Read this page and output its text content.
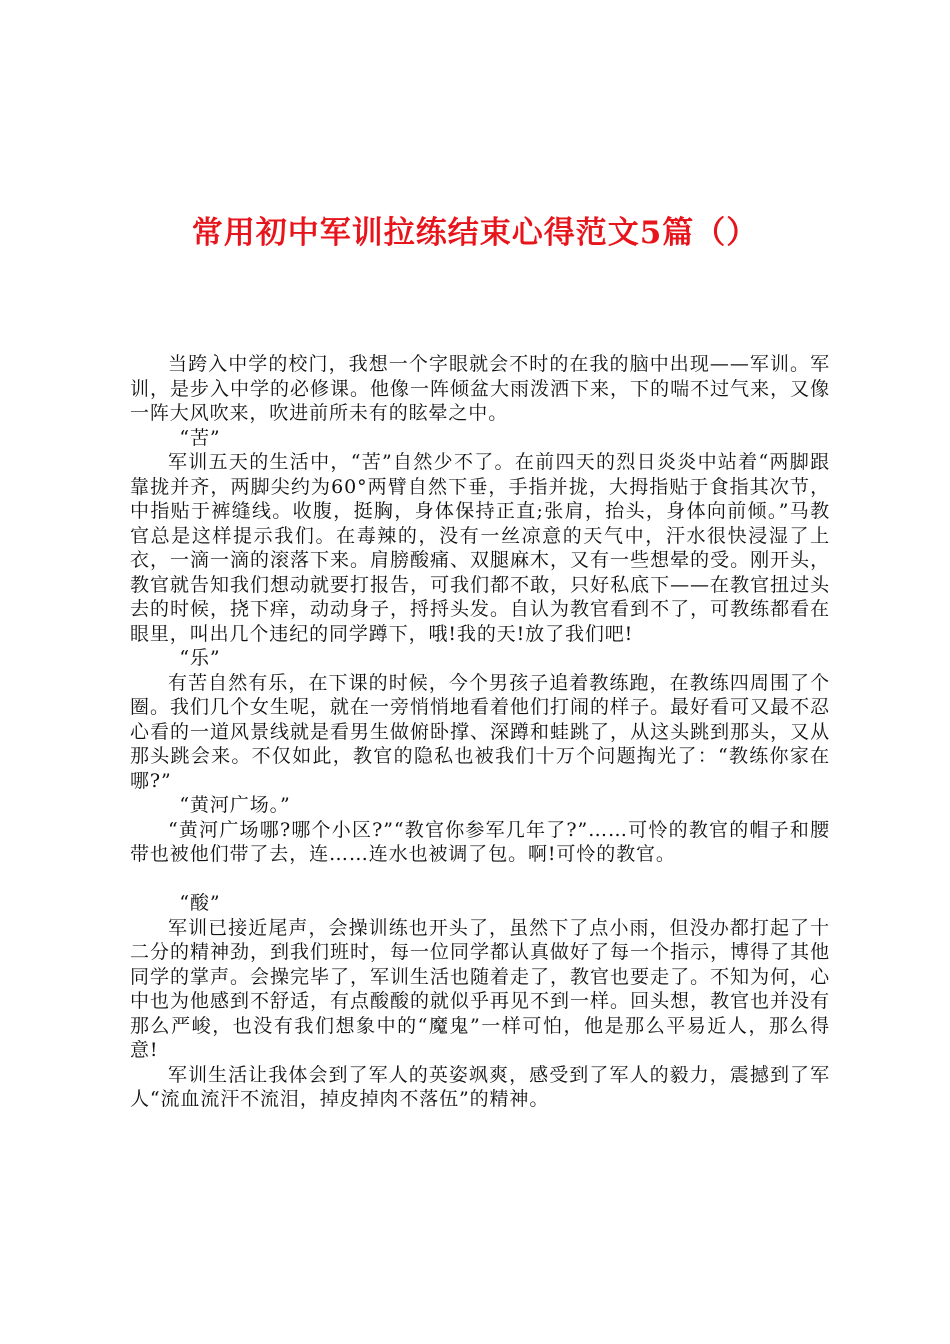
常用初中军训拉练结束心得范文5篇（）

当跨入中学的校门，我想一个字眼就会不时的在我的脑中出现——军训。军训，是步入中学的必修课。他像一阵倾盆大雨泼洒下来，下的喘不过气来，又像一阵大风吹来，吹进前所未有的眩晕之中。

“苦”

军训五天的生活中，“苦”自然少不了。在前四天的烈日炎炎中站着“两脚跟靠拢并齐，两脚尖约为60°两臂自然下垂，手指并拢，大拇指贴于食指其次节，中指贴于裤缝线。收腹，挺胸，身体保持正直;张肩，抬头，身体向前倾。”马教官总是这样提示我们。在毒辣的，没有一丝凉意的天气中，汗水很快浸湿了上衣，一滴一滴的滚落下来。肩膀酸痛、双腿麻木，又有一些想晕的受。刚开头，教官就告知我们想动就要打报告，可我们都不敢，只好私底下——在教官扭过头去的时候，挠下痒，动动身子，捋捋头发。自认为教官看到不了，可教练都看在眼里，叫出几个违纪的同学蹲下，哦!我的天!放了我们吧!

“乐”

有苦自然有乐，在下课的时候，今个男孩子追着教练跑，在教练四周围了个圈。我们几个女生呢，就在一旁悄悄地看着他们打闹的样子。最好看可又最不忍心看的一道风景线就是看男生做俯卧撑、深蹲和蛙跳了，从这头跳到那头，又从那头跳会来。不仅如此，教官的隐私也被我们十万个问题掏光了：“教练你家在哪?”

“黄河广场。”

“黄河广场哪?哪个小区?”“教官你参军几年了?”……可怜的教官的帽子和腰带也被他们带了去，连……连水也被调了包。啊!可怜的教官。

“酸”

军训已接近尾声，会操训练也开头了，虽然下了点小雨，但没办都打起了十二分的精神劲，到我们班时，每一位同学都认真做好了每一个指示，博得了其他同学的掌声。会操完毕了，军训生活也随着走了，教官也要走了。不知为何，心中也为他感到不舒适，有点酸酸的就似乎再见不到一样。回头想，教官也并没有那么严峻，也没有我们想象中的“魔鬼”一样可怕，他是那么平易近人，那么得意!

军训生活让我体会到了军人的英姿飒爽，感受到了军人的毅力，震撼到了军人“流血流汗不流泪，掉皮掉肉不落伍”的精神。
